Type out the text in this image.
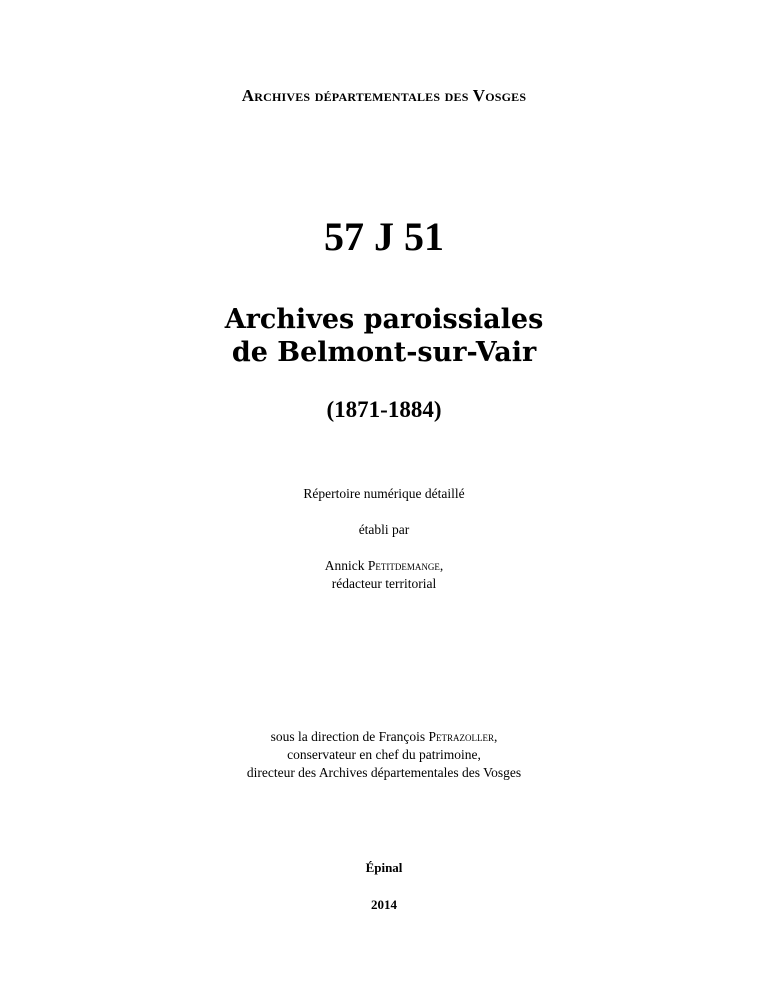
Archives départementales des Vosges
57 J 51
Archives paroissiales
de Belmont-sur-Vair
(1871-1884)
Répertoire numérique détaillé
établi par
Annick Petitdemange,
rédacteur territorial
sous la direction de François Petrazoller,
conservateur en chef du patrimoine,
directeur des Archives départementales des Vosges
Épinal
2014
